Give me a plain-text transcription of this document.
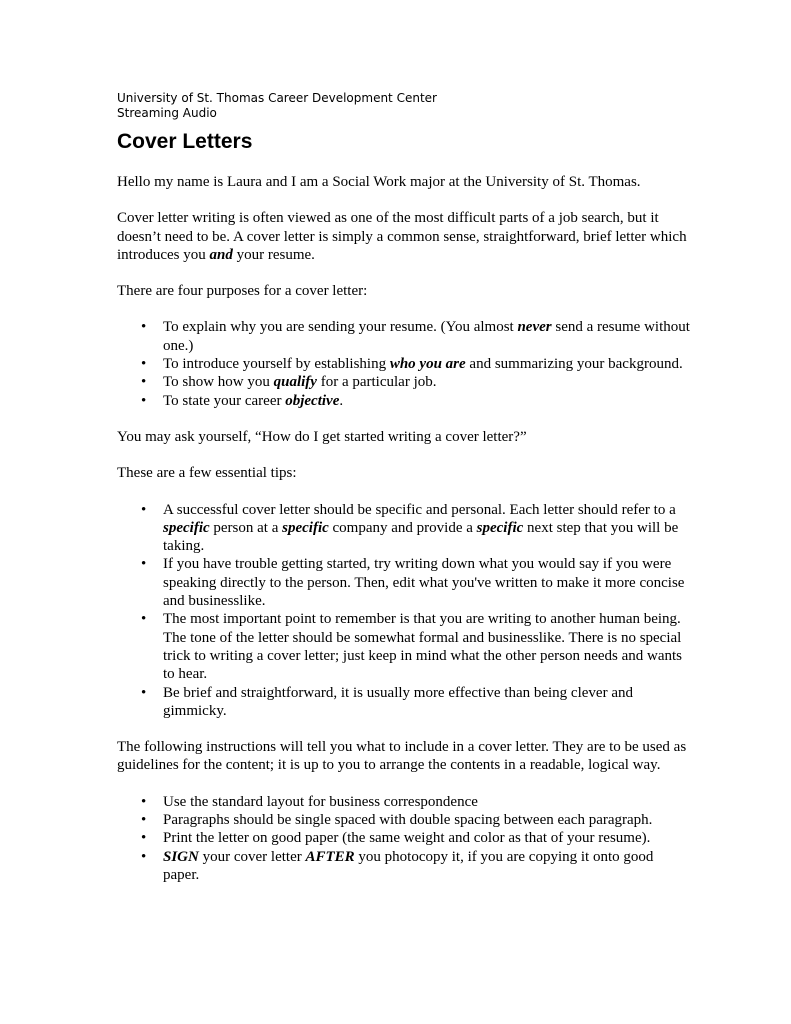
University of St. Thomas Career Development Center

Streaming Audio

Cover Letters

Hello my name is Laura and I am a Social Work major at the University of St. Thomas.

Cover letter writing is often viewed as one of the most difficult parts of a job search, but it doesn’t need to be. A cover letter is simply a common sense, straightforward, brief letter which introduces you and your resume.

There are four purposes for a cover letter:

• To explain why you are sending your resume. (You almost never send a resume without one.)
• To introduce yourself by establishing who you are and summarizing your background.
• To show how you qualify for a particular job.
• To state your career objective.

You may ask yourself, “How do I get started writing a cover letter?”

These are a few essential tips:

• A successful cover letter should be specific and personal. Each letter should refer to a specific person at a specific company and provide a specific next step that you will be taking.
• If you have trouble getting started, try writing down what you would say if you were speaking directly to the person. Then, edit what you've written to make it more concise and businesslike.
• The most important point to remember is that you are writing to another human being. The tone of the letter should be somewhat formal and businesslike. There is no special trick to writing a cover letter; just keep in mind what the other person needs and wants to hear.
• Be brief and straightforward, it is usually more effective than being clever and gimmicky.

The following instructions will tell you what to include in a cover letter. They are to be used as guidelines for the content; it is up to you to arrange the contents in a readable, logical way.

• Use the standard layout for business correspondence
• Paragraphs should be single spaced with double spacing between each paragraph.
• Print the letter on good paper (the same weight and color as that of your resume).
• SIGN your cover letter AFTER you photocopy it, if you are copying it onto good paper.
